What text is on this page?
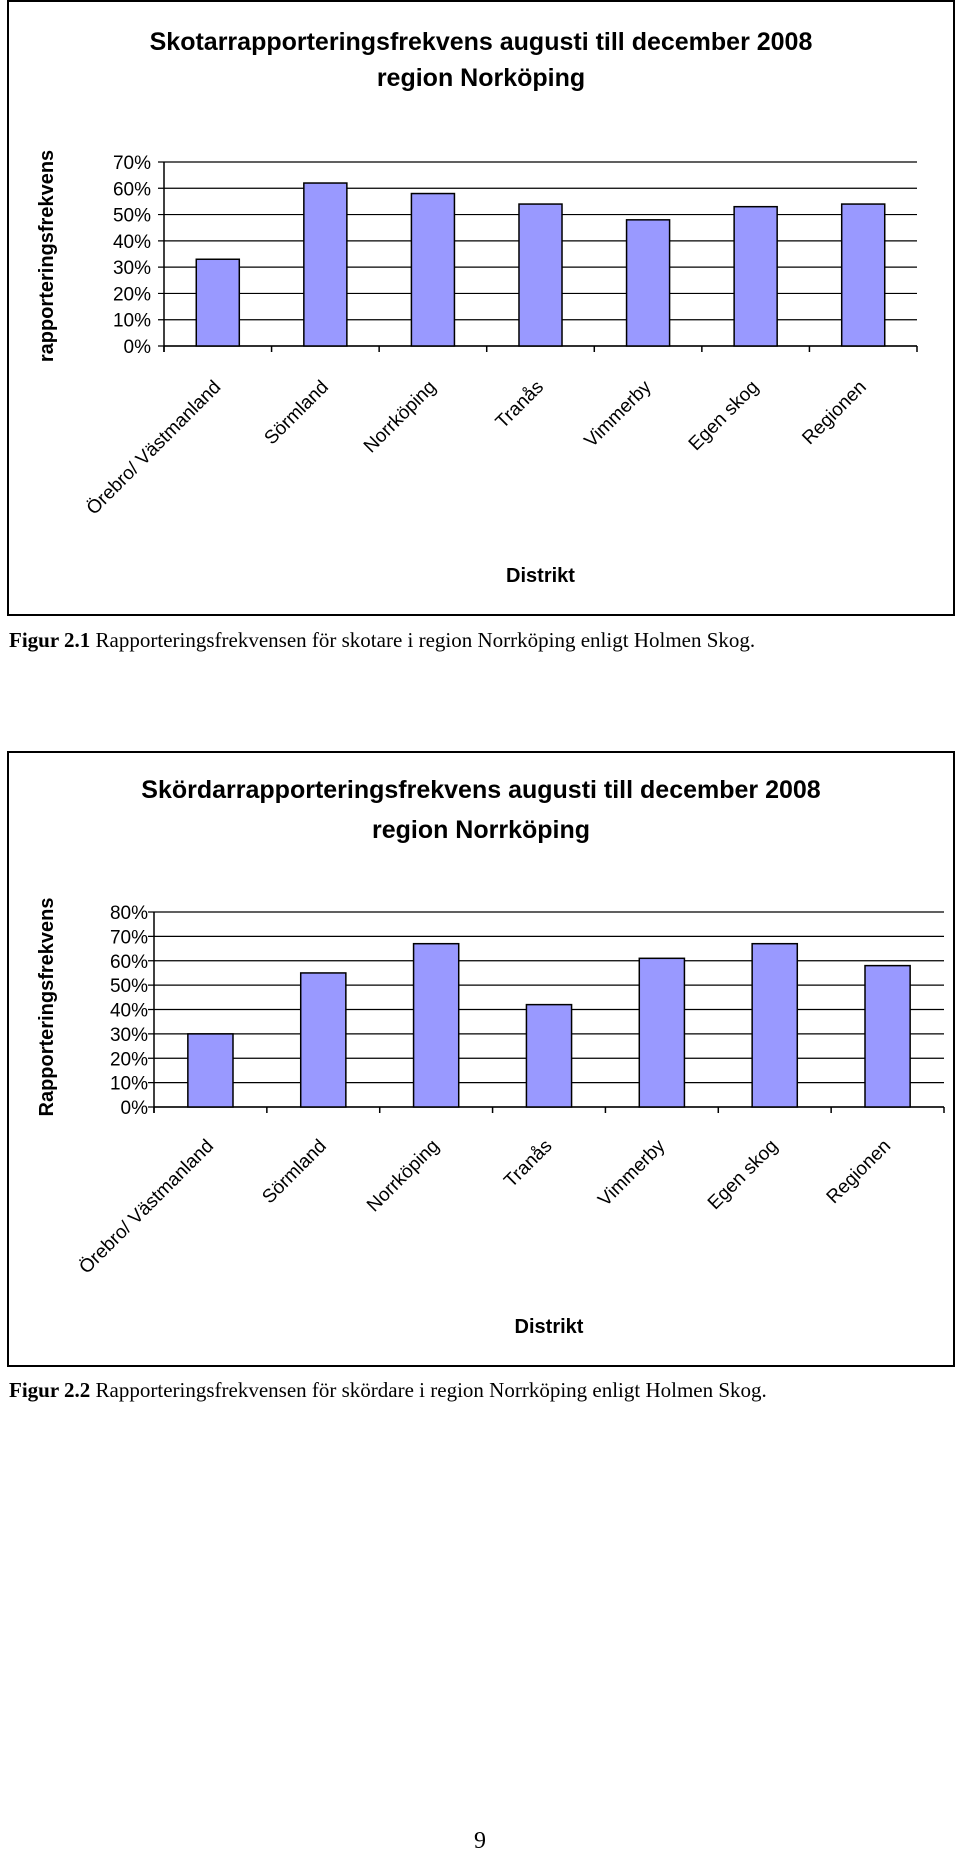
Skotarrapporteringsfrekvens augusti till december 2008
region Norköping
rapporteringsfrekvens
Distrikt
0%
10%
20%
30%
40%
50%
60%
70%
Örebro/ Västmanland Sörmland Norrköping	Tranås Vimmerby Egen skog Regionen
Figur 2.1 Rapporteringsfrekvensen för skotare i region Norrköping enligt Holmen Skog.
Skördarrapporteringsfrekvens augusti till december 2008
region Norrköping
Rapporteringsfrekvens
Distrikt
0%
10%
20%
30%
40%
50%
60%
70%
80%
Örebro/ Västmanland Sörmland Norrköping	Tranås Vimmerby Egen skog Regionen
Figur 2.2 Rapporteringsfrekvensen för skördare i region Norrköping enligt Holmen Skog.
9
